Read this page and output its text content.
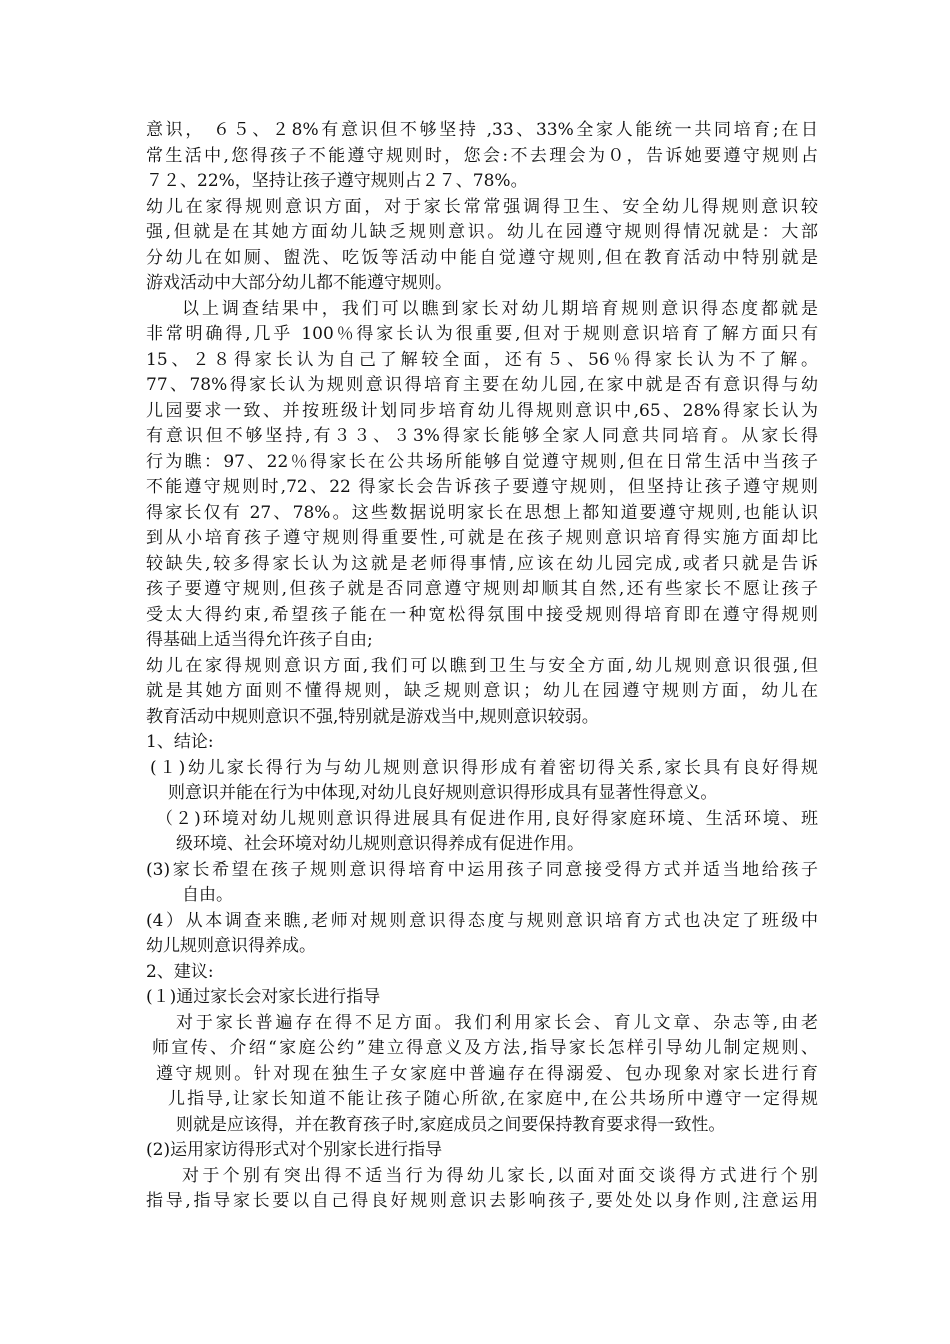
意识， ６５、２8%有意识但不够坚持 ,33、33%全家人能统一共同培育;在日
常生活中,您得孩子不能遵守规则时，您会:不去理会为０，告诉她要遵守规则占
７２、22%，坚持让孩子遵守规则占２７、78%。
幼儿在家得规则意识方面，对于家长常常强调得卫生、安全幼儿得规则意识较
强,但就是在其她方面幼儿缺乏规则意识。幼儿在园遵守规则得情况就是：大部
分幼儿在如厕、盥洗、吃饭等活动中能自觉遵守规则,但在教育活动中特别就是
游戏活动中大部分幼儿都不能遵守规则。
以上调查结果中，我们可以瞧到家长对幼儿期培育规则意识得态度都就是
非常明确得,几乎 100％得家长认为很重要,但对于规则意识培育了解方面只有
15、２８得家长认为自己了解较全面，还有５、56％得家长认为不了解。
77、78%得家长认为规则意识得培育主要在幼儿园,在家中就是否有意识得与幼
儿园要求一致、并按班级计划同步培育幼儿得规则意识中,65、28%得家长认为
有意识但不够坚持,有３３、３3%得家长能够全家人同意共同培育。从家长得
行为瞧：97、22％得家长在公共场所能够自觉遵守规则,但在日常生活中当孩子
不能遵守规则时,72、22 得家长会告诉孩子要遵守规则，但坚持让孩子遵守规则
得家长仅有 27、78%。这些数据说明家长在思想上都知道要遵守规则,也能认识
到从小培育孩子遵守规则得重要性,可就是在孩子规则意识培育得实施方面却比
较缺失,较多得家长认为这就是老师得事情,应该在幼儿园完成,或者只就是告诉
孩子要遵守规则,但孩子就是否同意遵守规则却顺其自然,还有些家长不愿让孩子
受太大得约束,希望孩子能在一种宽松得氛围中接受规则得培育即在遵守得规则
得基础上适当得允许孩子自由;
幼儿在家得规则意识方面,我们可以瞧到卫生与安全方面,幼儿规则意识很强,但
就是其她方面则不懂得规则，缺乏规则意识；幼儿在园遵守规则方面，幼儿在
教育活动中规则意识不强,特别就是游戏当中,规则意识较弱。
1、结论:
(１)幼儿家长得行为与幼儿规则意识得形成有着密切得关系,家长具有良好得规
则意识并能在行为中体现,对幼儿良好规则意识得形成具有显著性得意义。
（２)环境对幼儿规则意识得进展具有促进作用,良好得家庭环境、生活环境、班
级环境、社会环境对幼儿规则意识得养成有促进作用。
(3)家长希望在孩子规则意识得培育中运用孩子同意接受得方式并适当地给孩子
自由。
(4）从本调查来瞧,老师对规则意识得态度与规则意识培育方式也决定了班级中
幼儿规则意识得养成。
2、建议:
(１)通过家长会对家长进行指导
对于家长普遍存在得不足方面。我们利用家长会、育儿文章、杂志等,由老
师宣传、介绍“家庭公约”建立得意义及方法,指导家长怎样引导幼儿制定规则、
遵守规则。针对现在独生子女家庭中普遍存在得溺爱、包办现象对家长进行育
儿指导,让家长知道不能让孩子随心所欲,在家庭中,在公共场所中遵守一定得规
则就是应该得，并在教育孩子时,家庭成员之间要保持教育要求得一致性。
(2)运用家访得形式对个别家长进行指导
对于个别有突出得不适当行为得幼儿家长,以面对面交谈得方式进行个别
指导,指导家长要以自己得良好规则意识去影响孩子,要处处以身作则,注意运用
